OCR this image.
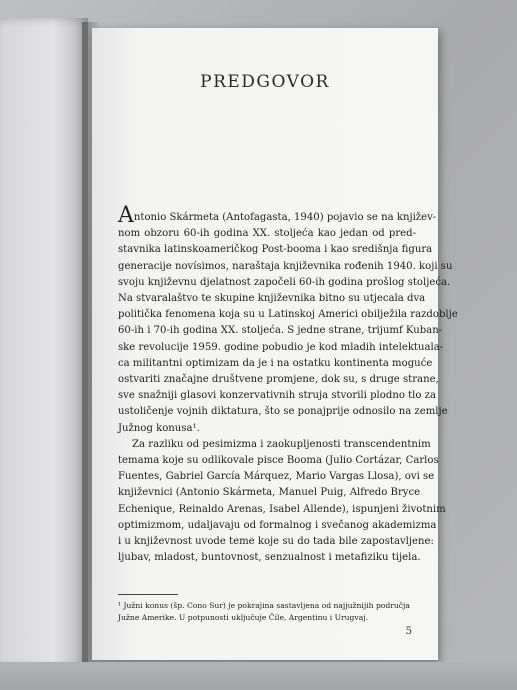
PREDGOVOR
Antonio Skármeta (Antofagasta, 1940) pojavio se na književ-
nom obzoru 60-ih godina XX. stoljeća kao jedan od pred-
stavnika latinskoameričkog Post-booma i kao središnja figura
generacije novísimos, naraštaja književnika rođenih 1940. koji su
svoju književnu djelatnost započeli 60-ih godina prošlog stoljeća.
Na stvaralaštvo te skupine književnika bitno su utjecala dva
politička fenomena koja su u Latinskoj Americi obilježila razdoblje
60-ih i 70-ih godina XX. stoljeća. S jedne strane, trijumf Kuban-
ske revolucije 1959. godine pobudio je kod mladih intelektuala-
ca militantni optimizam da je i na ostatku kontinenta moguće
ostvariti značajne društvene promjene, dok su, s druge strane,
sve snažniji glasovi konzervativnih struja stvorili plodno tlo za
ustoličenje vojnih diktatura, što se ponajprije odnosilo na zemlje
Južnog konusa¹.
Za razliku od pesimizma i zaokupljenosti transcendentnim
temama koje su odlikovale pisce Booma (Julio Cortázar, Carlos
Fuentes, Gabriel García Márquez, Mario Vargas Llosa), ovi se
književnici (Antonio Skármeta, Manuel Puig, Alfredo Bryce
Echenique, Reinaldo Arenas, Isabel Allende), ispunjeni životnim
optimizmom, udaljavaju od formalnog i svečanog akademizma
i u književnost uvode teme koje su do tada bile zapostavljene:
ljubav, mladost, buntovnost, senzualnost i metafiziku tijela.
¹ Južni konus (šp. Cono Sur) je pokrajina sastavljena od najjužnijih područja
Južne Amerike. U potpunosti uključuje Čile, Argentinu i Urugvaj.
5
